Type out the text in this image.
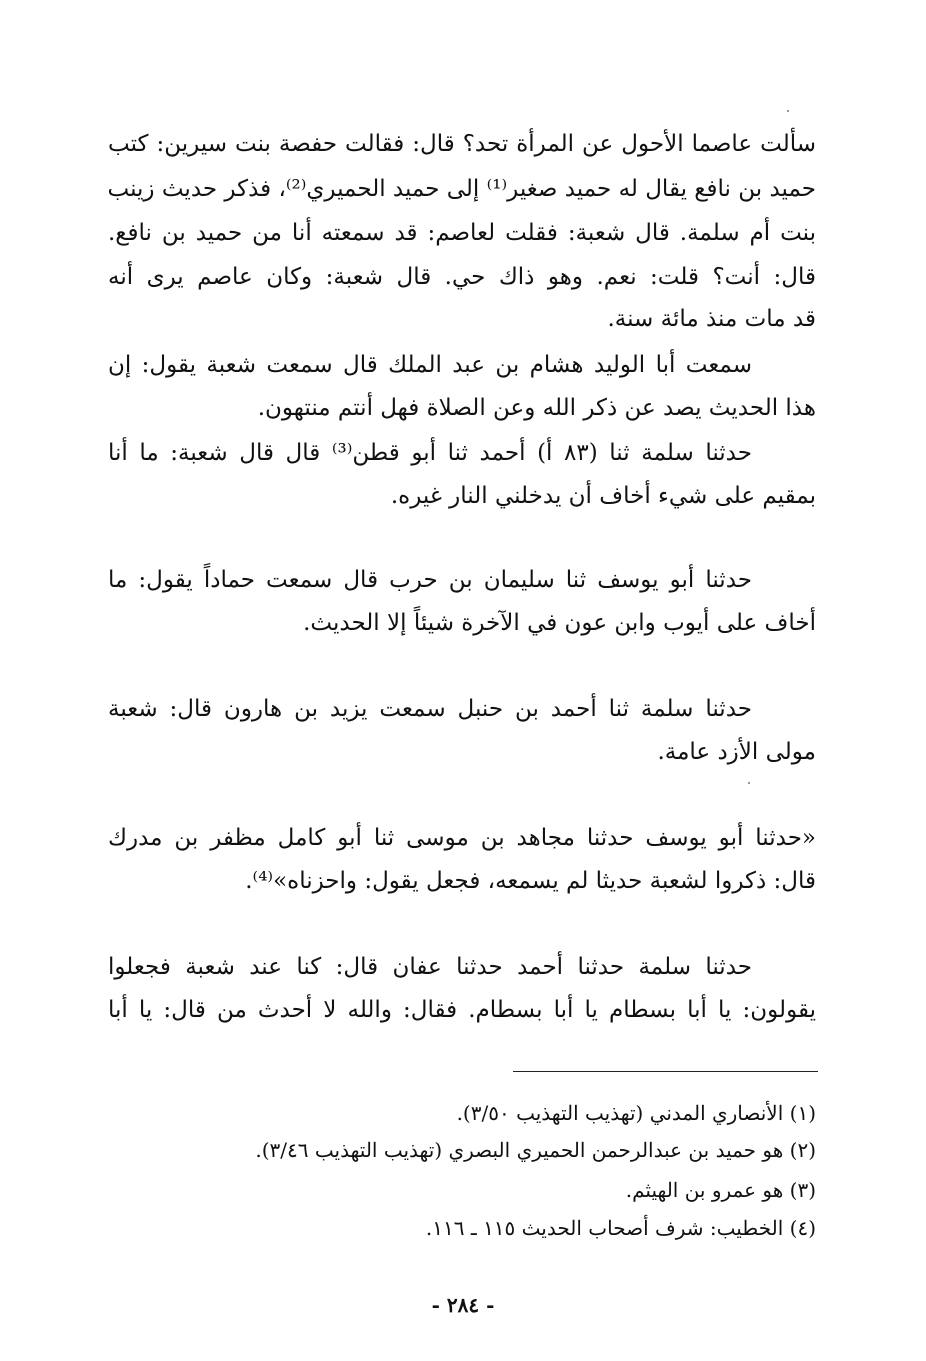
سألت عاصما الأحول عن المرأة تحد؟ قال: فقالت حفصة بنت سيرين: كتب
حميد بن نافع يقال له حميد صغير⁽¹⁾ إلى حميد الحميري⁽²⁾، فذكر حديث زينب
بنت أم سلمة. قال شعبة: فقلت لعاصم: قد سمعته أنا من حميد بن نافع.
قال: أنت؟ قلت: نعم. وهو ذاك حي. قال شعبة: وكان عاصم يرى أنه
قد مات منذ مائة سنة.
سمعت أبا الوليد هشام بن عبد الملك قال سمعت شعبة يقول: إن
هذا الحديث يصد عن ذكر الله وعن الصلاة فهل أنتم منتهون.
حدثنا سلمة ثنا (٨٣ أ) أحمد ثنا أبو قطن⁽³⁾ قال قال شعبة: ما أنا
بمقيم على شيء أخاف أن يدخلني النار غيره.
حدثنا أبو يوسف ثنا سليمان بن حرب قال سمعت حماداً يقول: ما
أخاف على أيوب وابن عون في الآخرة شيئاً إلا الحديث.
حدثنا سلمة ثنا أحمد بن حنبل سمعت يزيد بن هارون قال: شعبة
مولى الأزد عامة.
«حدثنا أبو يوسف حدثنا مجاهد بن موسى ثنا أبو كامل مظفر بن مدرك
قال: ذكروا لشعبة حديثا لم يسمعه، فجعل يقول: واحزناه»⁽⁴⁾.
حدثنا سلمة حدثنا أحمد حدثنا عفان قال: كنا عند شعبة فجعلوا
يقولون: يا أبا بسطام يا أبا بسطام. فقال: والله لا أحدث من قال: يا أبا
(١) الأنصاري المدني (تهذيب التهذيب ٣/٥٠).
(٢) هو حميد بن عبدالرحمن الحميري البصري (تهذيب التهذيب ٣/٤٦).
(٣) هو عمرو بن الهيثم.
(٤) الخطيب: شرف أصحاب الحديث ١١٥ ـ ١١٦.
- ٢٨٤ -
